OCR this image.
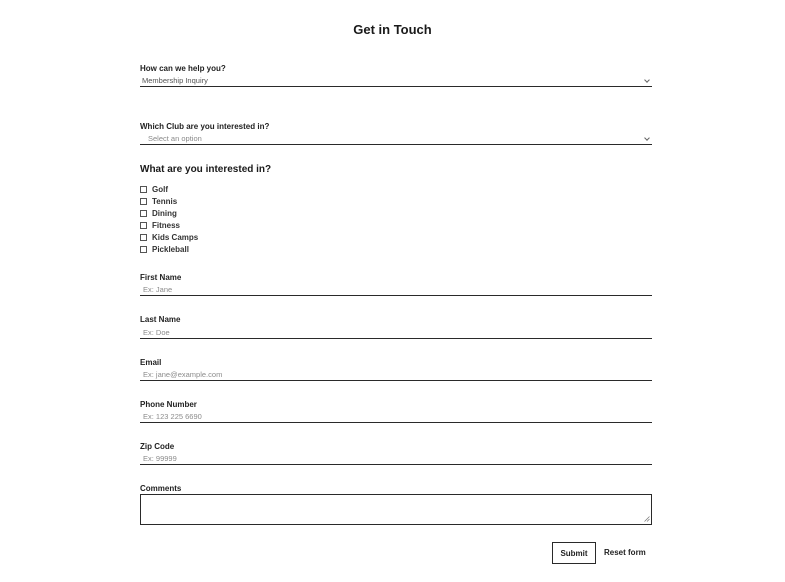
Get in Touch
How can we help you?
Membership Inquiry
Which Club are you interested in?
Select an option
What are you interested in?
Golf
Tennis
Dining
Fitness
Kids Camps
Pickleball
First Name
Ex: Jane
Last Name
Ex: Doe
Email
Ex: jane@example.com
Phone Number
Ex: 123 225 6690
Zip Code
Ex: 99999
Comments
Submit	Reset form
